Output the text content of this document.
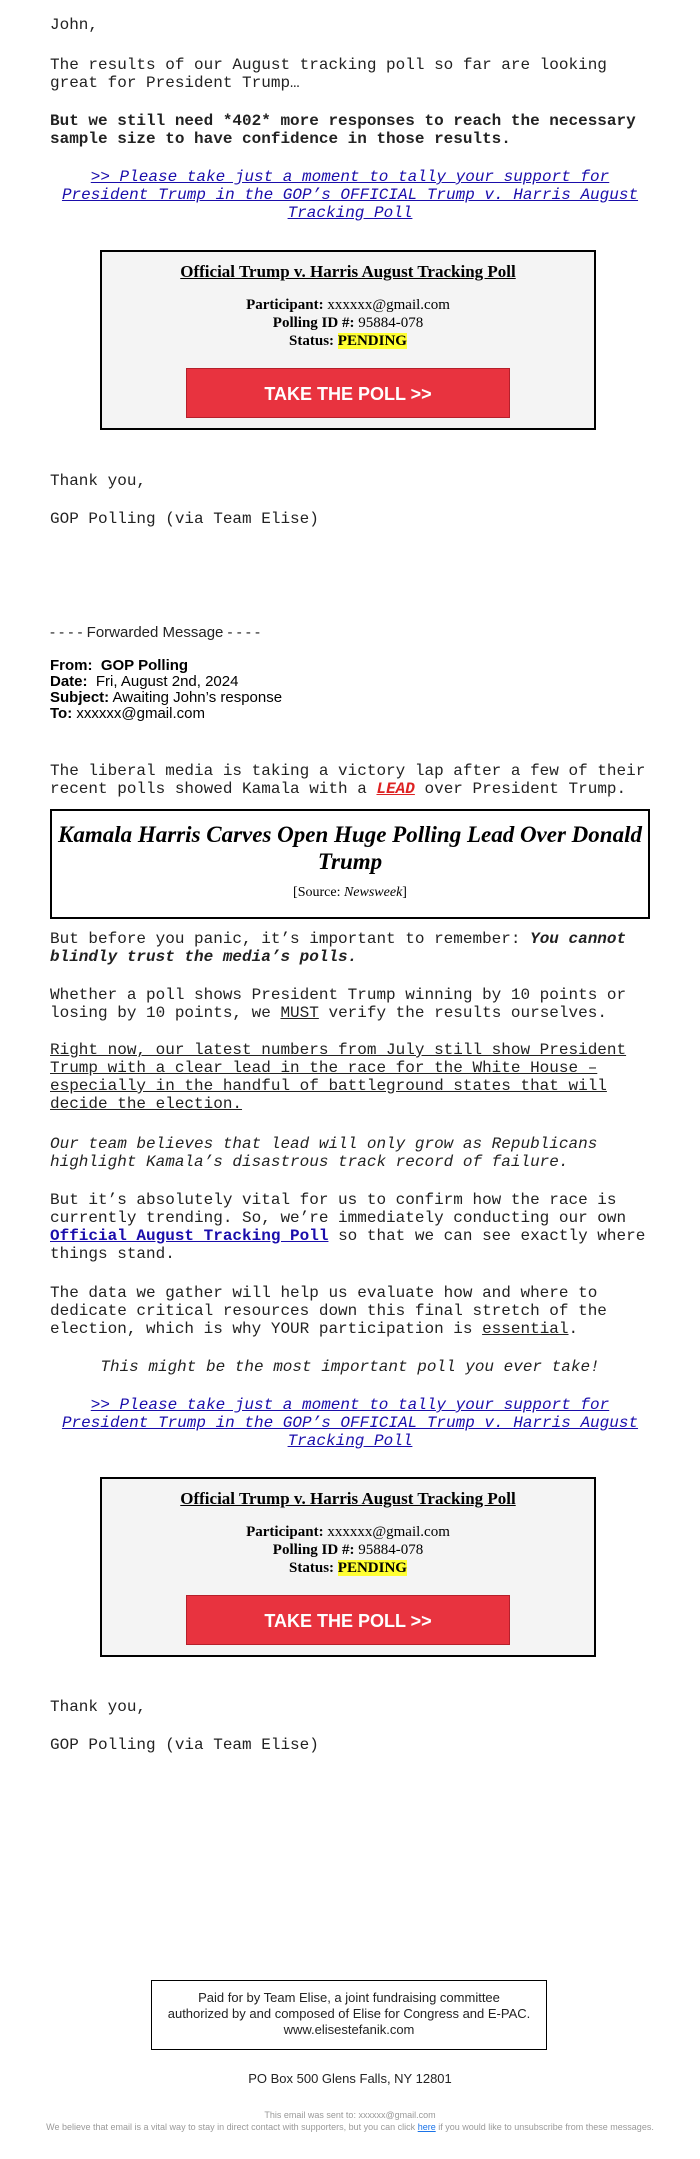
John,

The results of our August tracking poll so far are looking great for President Trump…

But we still need *402* more responses to reach the necessary sample size to have confidence in those results.

>> Please take just a moment to tally your support for President Trump in the GOP’s OFFICIAL Trump v. Harris August Tracking Poll

Official Trump v. Harris August Tracking Poll
Participant: xxxxxx@gmail.com
Polling ID #: 95884-078
Status: PENDING
TAKE THE POLL >>

Thank you,

GOP Polling (via Team Elise)

- - - - Forwarded Message - - - -

From: GOP Polling
Date: Fri, August 2nd, 2024
Subject: Awaiting John’s response
To: xxxxxx@gmail.com

The liberal media is taking a victory lap after a few of their recent polls showed Kamala with a LEAD over President Trump.

Kamala Harris Carves Open Huge Polling Lead Over Donald Trump
[Source: Newsweek]

But before you panic, it’s important to remember: You cannot blindly trust the media’s polls.

Whether a poll shows President Trump winning by 10 points or losing by 10 points, we MUST verify the results ourselves.

Right now, our latest numbers from July still show President Trump with a clear lead in the race for the White House – especially in the handful of battleground states that will decide the election.

Our team believes that lead will only grow as Republicans highlight Kamala’s disastrous track record of failure.

But it’s absolutely vital for us to confirm how the race is currently trending. So, we’re immediately conducting our own Official August Tracking Poll so that we can see exactly where things stand.

The data we gather will help us evaluate how and where to dedicate critical resources down this final stretch of the election, which is why YOUR participation is essential.

This might be the most important poll you ever take!

>> Please take just a moment to tally your support for President Trump in the GOP’s OFFICIAL Trump v. Harris August Tracking Poll

Official Trump v. Harris August Tracking Poll
Participant: xxxxxx@gmail.com
Polling ID #: 95884-078
Status: PENDING
TAKE THE POLL >>

Thank you,

GOP Polling (via Team Elise)

Paid for by Team Elise, a joint fundraising committee authorized by and composed of Elise for Congress and E-PAC. www.elisestefanik.com

PO Box 500 Glens Falls, NY 12801

This email was sent to: xxxxxx@gmail.com

We believe that email is a vital way to stay in direct contact with supporters, but you can click here if you would like to unsubscribe from these messages.
